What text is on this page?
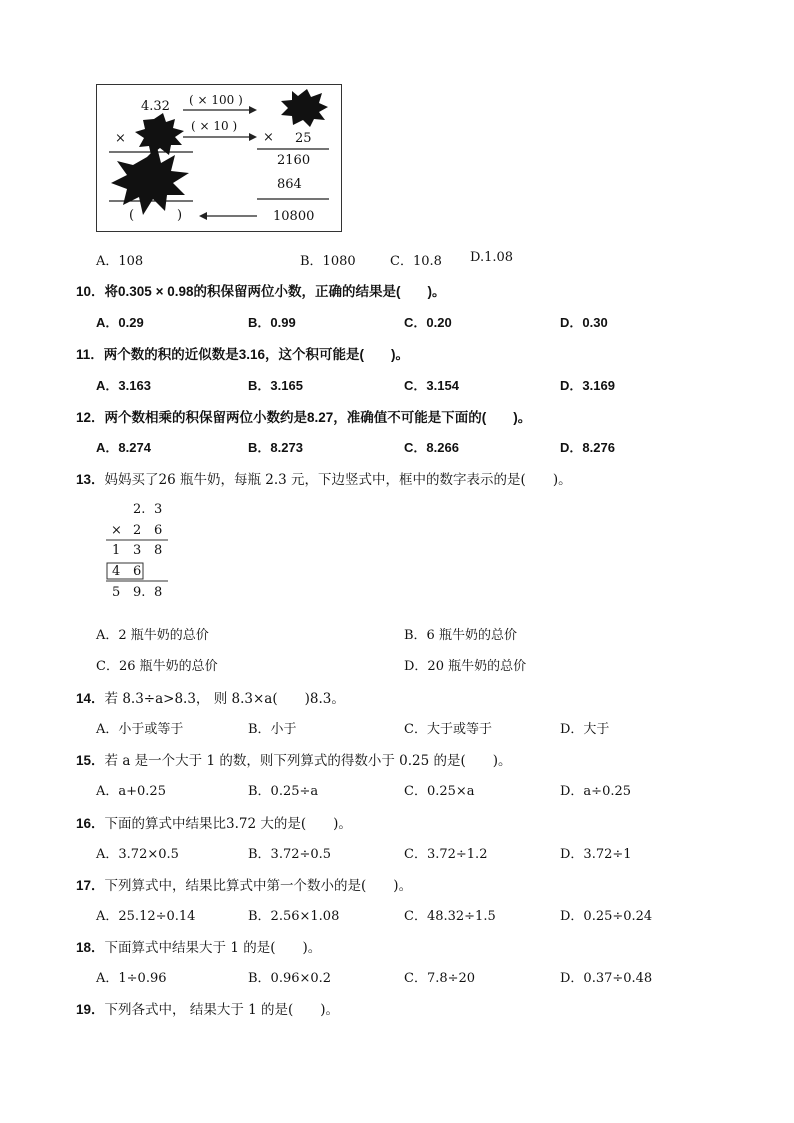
4.32 ( × 100 )
( × 10 )
×	× 25
2160
864
10800
(	)
A．108	B．1080	C．10.8 D.1.08
10．将0.305 × 0.98的积保留两位小数，正确的结果是(　　)。
A．0.29	B．0.99	C．0.20	D．0.30
11．两个数的积的近似数是3.16，这个积可能是(　　)。
A．3.163	B．3.165	C．3.154	D．3.169
12．两个数相乘的积保留两位小数约是8.27，准确值不可能是下面的(　　)。
A．8.274	B．8.273	C．8.266	D．8.276
13．妈妈买了26 瓶牛奶，每瓶 2.3 元，下边竖式中，框中的数字表示的是(　　)。
2. 3
× 2 6
1 3 8
4 6
5 9. 8
A．2 瓶牛奶的总价	B．6 瓶牛奶的总价
C．26 瓶牛奶的总价	D．20 瓶牛奶的总价
14．若 8.3÷a>8.3， 则 8.3×a(　　)8.3。
A．小于或等于	B．小于	C．大于或等于	D．大于
15．若 a 是一个大于 1 的数，则下列算式的得数小于 0.25 的是(　　)。
A．a+0.25	B．0.25÷a	C．0.25×a	D．a÷0.25
16．下面的算式中结果比3.72 大的是(　　)。
A．3.72×0.5	B．3.72÷0.5	C．3.72÷1.2	D．3.72÷1
17．下列算式中，结果比算式中第一个数小的是(　　)。
A．25.12÷0.14	B．2.56×1.08	C．48.32÷1.5	D．0.25÷0.24
18．下面算式中结果大于 1 的是(　　)。
A．1÷0.96	B．0.96×0.2	C．7.8÷20	D．0.37÷0.48
19．下列各式中， 结果大于 1 的是(　　)。
